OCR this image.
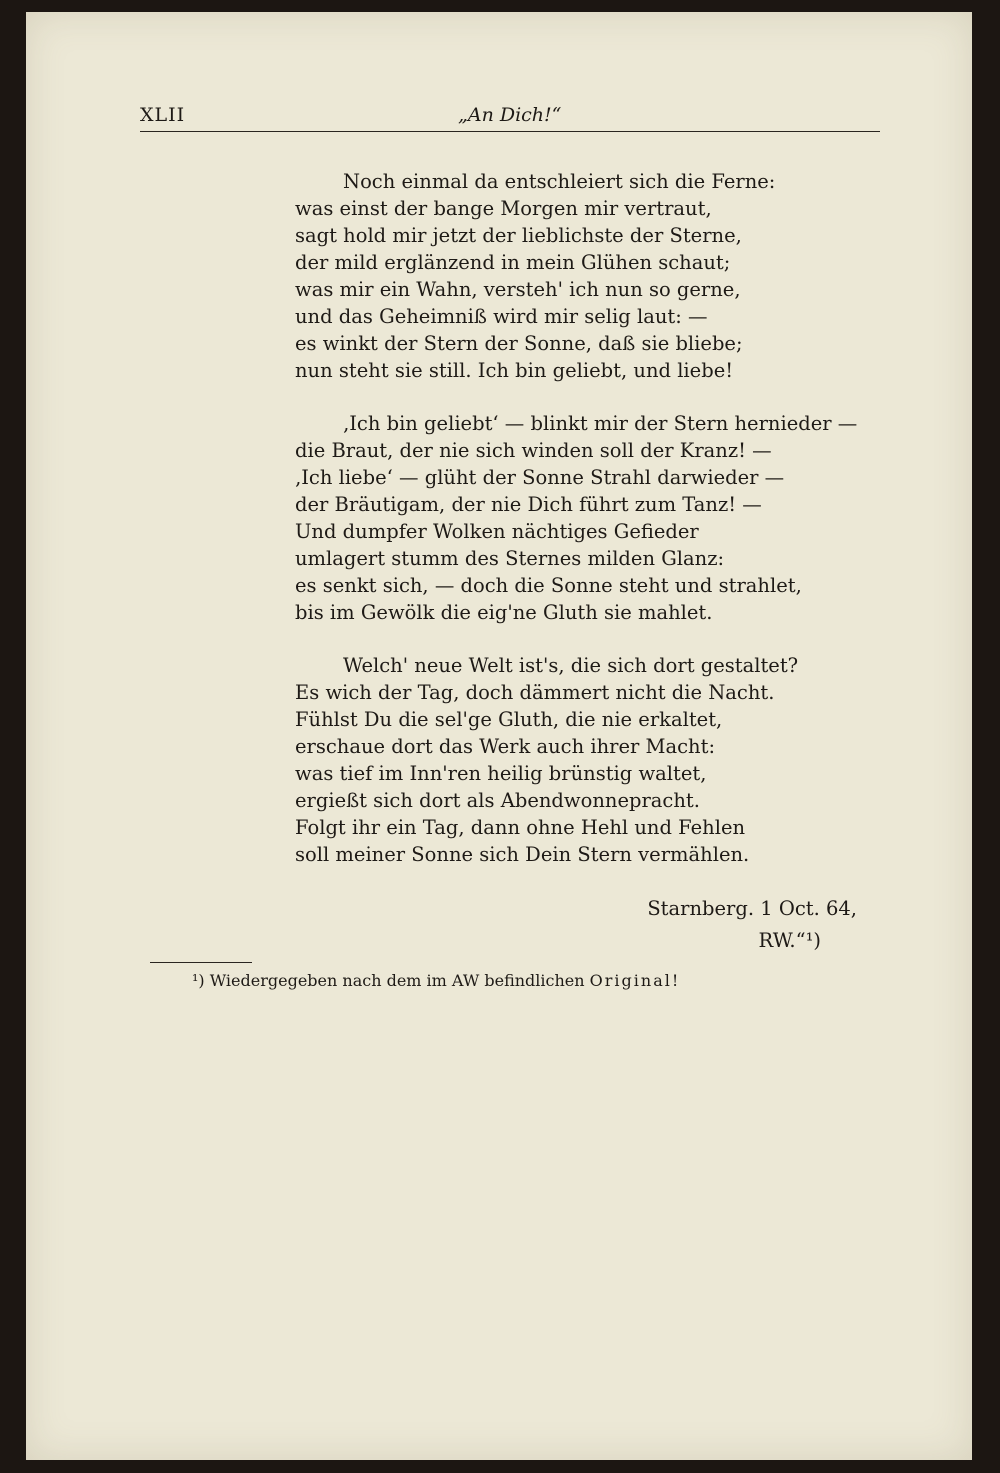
XLII	„An Dich!“
Noch einmal da entschleiert sich die Ferne:
was einst der bange Morgen mir vertraut,
sagt hold mir jetzt der lieblichste der Sterne,
der mild erglänzend in mein Glühen schaut;
was mir ein Wahn, versteh' ich nun so gerne,
und das Geheimniß wird mir selig laut: —
es winkt der Stern der Sonne, daß sie bliebe;
nun steht sie still. Ich bin geliebt, und liebe!
‚Ich bin geliebt‘ — blinkt mir der Stern hernieder —
die Braut, der nie sich winden soll der Kranz! —
‚Ich liebe‘ — glüht der Sonne Strahl darwieder —
der Bräutigam, der nie Dich führt zum Tanz! —
Und dumpfer Wolken nächtiges Gefieder
umlagert stumm des Sternes milden Glanz:
es senkt sich, — doch die Sonne steht und strahlet,
bis im Gewölk die eig'ne Gluth sie mahlet.
Welch' neue Welt ist's, die sich dort gestaltet?
Es wich der Tag, doch dämmert nicht die Nacht.
Fühlst Du die sel'ge Gluth, die nie erkaltet,
erschaue dort das Werk auch ihrer Macht:
was tief im Inn'ren heilig brünstig waltet,
ergießt sich dort als Abendwonnepracht.
Folgt ihr ein Tag, dann ohne Hehl und Fehlen
soll meiner Sonne sich Dein Stern vermählen.
Starnberg. 1 Oct. 64,
RW.“¹)
¹) Wiedergegeben nach dem im AW befindlichen Original!
